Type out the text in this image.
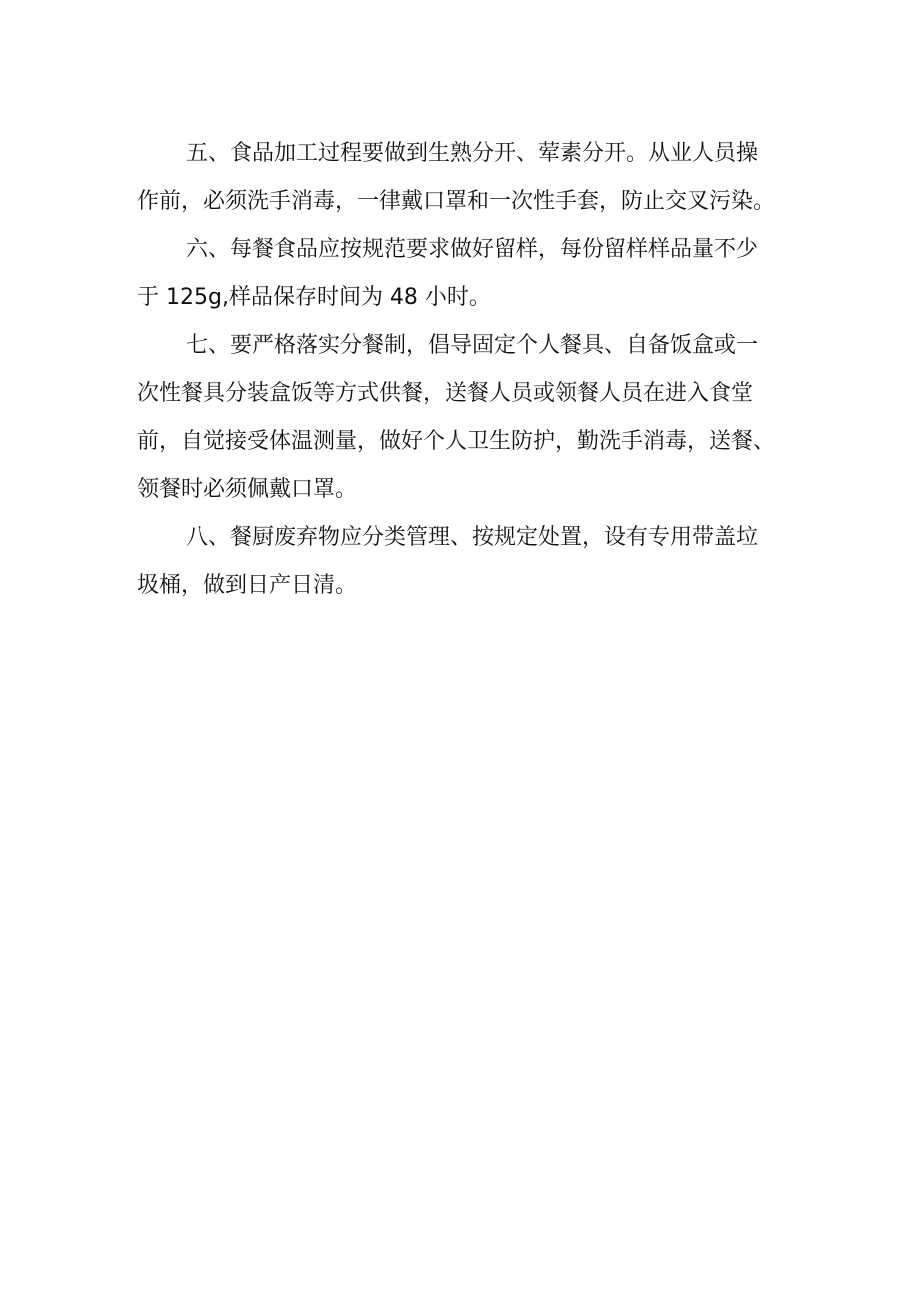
五、食品加工过程要做到生熟分开、荤素分开。从业人员操
作前，必须洗手消毒，一律戴口罩和一次性手套，防止交叉污染。
六、每餐食品应按规范要求做好留样，每份留样样品量不少
于 125g,样品保存时间为 48 小时。
七、要严格落实分餐制，倡导固定个人餐具、自备饭盒或一
次性餐具分装盒饭等方式供餐，送餐人员或领餐人员在进入食堂
前，自觉接受体温测量，做好个人卫生防护，勤洗手消毒，送餐、
领餐时必须佩戴口罩。
八、餐厨废弃物应分类管理、按规定处置，设有专用带盖垃
圾桶，做到日产日清。
